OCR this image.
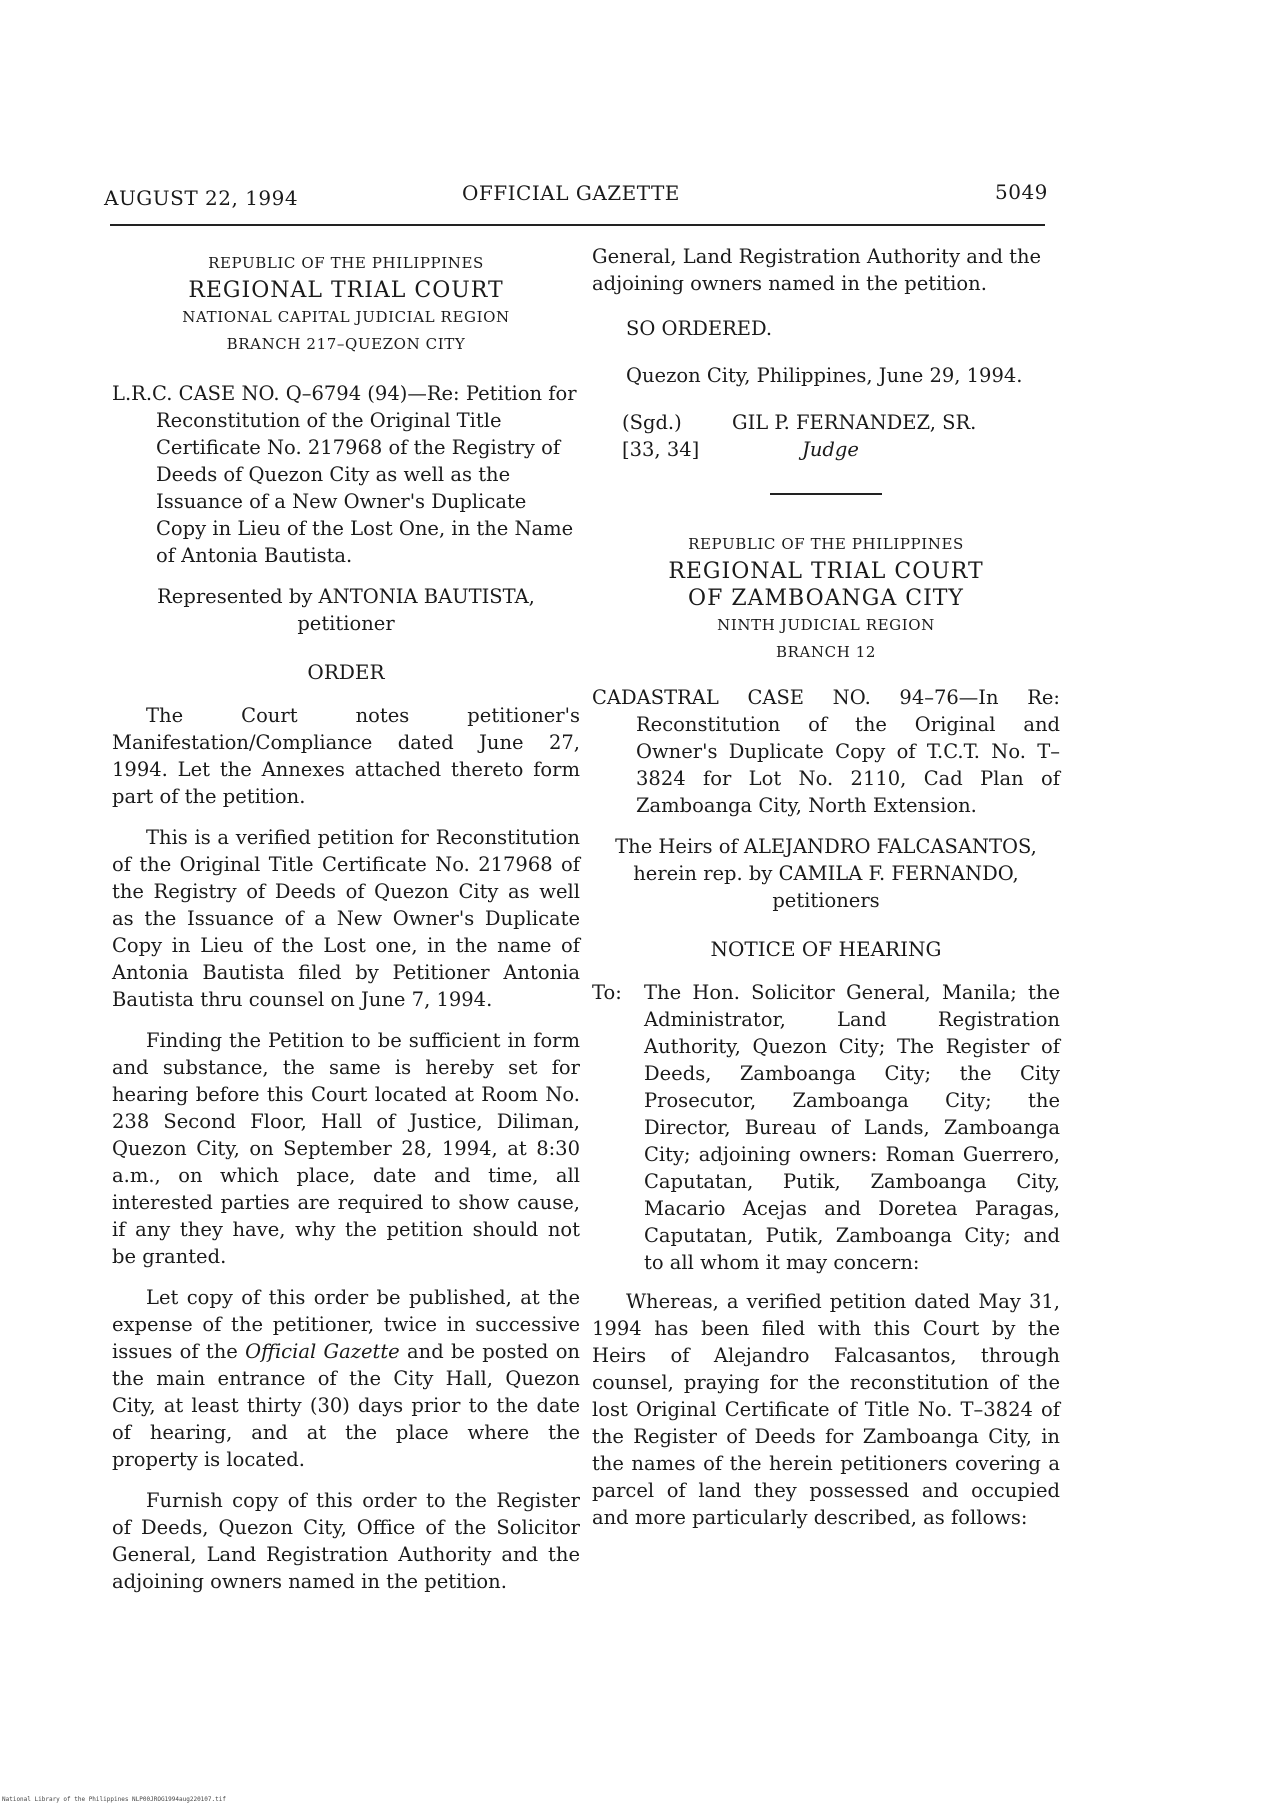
AUGUST 22, 1994	OFFICIAL GAZETTE	5049
REPUBLIC OF THE PHILIPPINES
REGIONAL TRIAL COURT
NATIONAL CAPITAL JUDICIAL REGION
BRANCH 217–QUEZON CITY

L.R.C. CASE NO. Q–6794 (94)—Re: Petition for Reconstitution of the Original Title Certificate No. 217968 of the Registry of Deeds of Quezon City as well as the Issuance of a New Owner's Duplicate Copy in Lieu of the Lost One, in the Name of Antonia Bautista.

Represented by ANTONIA BAUTISTA,
petitioner
ORDER

The Court notes petitioner's Manifestation/Compliance dated June 27, 1994. Let the Annexes attached thereto form part of the petition.

This is a verified petition for Reconstitution of the Original Title Certificate No. 217968 of the Registry of Deeds of Quezon City as well as the Issuance of a New Owner's Duplicate Copy in Lieu of the Lost one, in the name of Antonia Bautista filed by Petitioner Antonia Bautista thru counsel on June 7, 1994.

Finding the Petition to be sufficient in form and substance, the same is hereby set for hearing before this Court located at Room No. 238 Second Floor, Hall of Justice, Diliman, Quezon City, on September 28, 1994, at 8:30 a.m., on which place, date and time, all interested parties are required to show cause, if any they have, why the petition should not be granted.

Let copy of this order be published, at the expense of the petitioner, twice in successive issues of the Official Gazette and be posted on the main entrance of the City Hall, Quezon City, at least thirty (30) days prior to the date of hearing, and at the place where the property is located.

Furnish copy of this order to the Register of Deeds, Quezon City, Office of the Solicitor General, Land Registration Authority and the adjoining owners named in the petition.

General, Land Registration Authority and the adjoining owners named in the petition.

SO ORDERED.

Quezon City, Philippines, June 29, 1994.

(Sgd.)	GIL P. FERNANDEZ, SR.
[33, 34]	Judge
REPUBLIC OF THE PHILIPPINES
REGIONAL TRIAL COURT
OF ZAMBOANGA CITY
NINTH JUDICIAL REGION
BRANCH 12

CADASTRAL CASE NO. 94–76—In Re: Reconstitution of the Original and Owner's Duplicate Copy of T.C.T. No. T–3824 for Lot No. 2110, Cad Plan of Zamboanga City, North Extension.

The Heirs of ALEJANDRO FALCASANTOS, herein rep. by CAMILA F. FERNANDO, petitioners

NOTICE OF HEARING
To:	The Hon. Solicitor General, Manila; the Administrator, Land Registration Authority, Quezon City; The Register of Deeds, Zamboanga City; the City Prosecutor, Zamboanga City; the Director, Bureau of Lands, Zamboanga City; adjoining owners: Roman Guerrero, Caputatan, Putik, Zamboanga City, Macario Acejas and Doretea Paragas, Caputatan, Putik, Zamboanga City; and to all whom it may concern:

Whereas, a verified petition dated May 31, 1994 has been filed with this Court by the Heirs of Alejandro Falcasantos, through counsel, praying for the reconstitution of the lost Original Certificate of Title No. T–3824 of the Register of Deeds for Zamboanga City, in the names of the herein petitioners covering a parcel of land they possessed and occupied and more particularly described, as follows:

National Library of the Philippines NLP00JROG1994aug220107.tif
